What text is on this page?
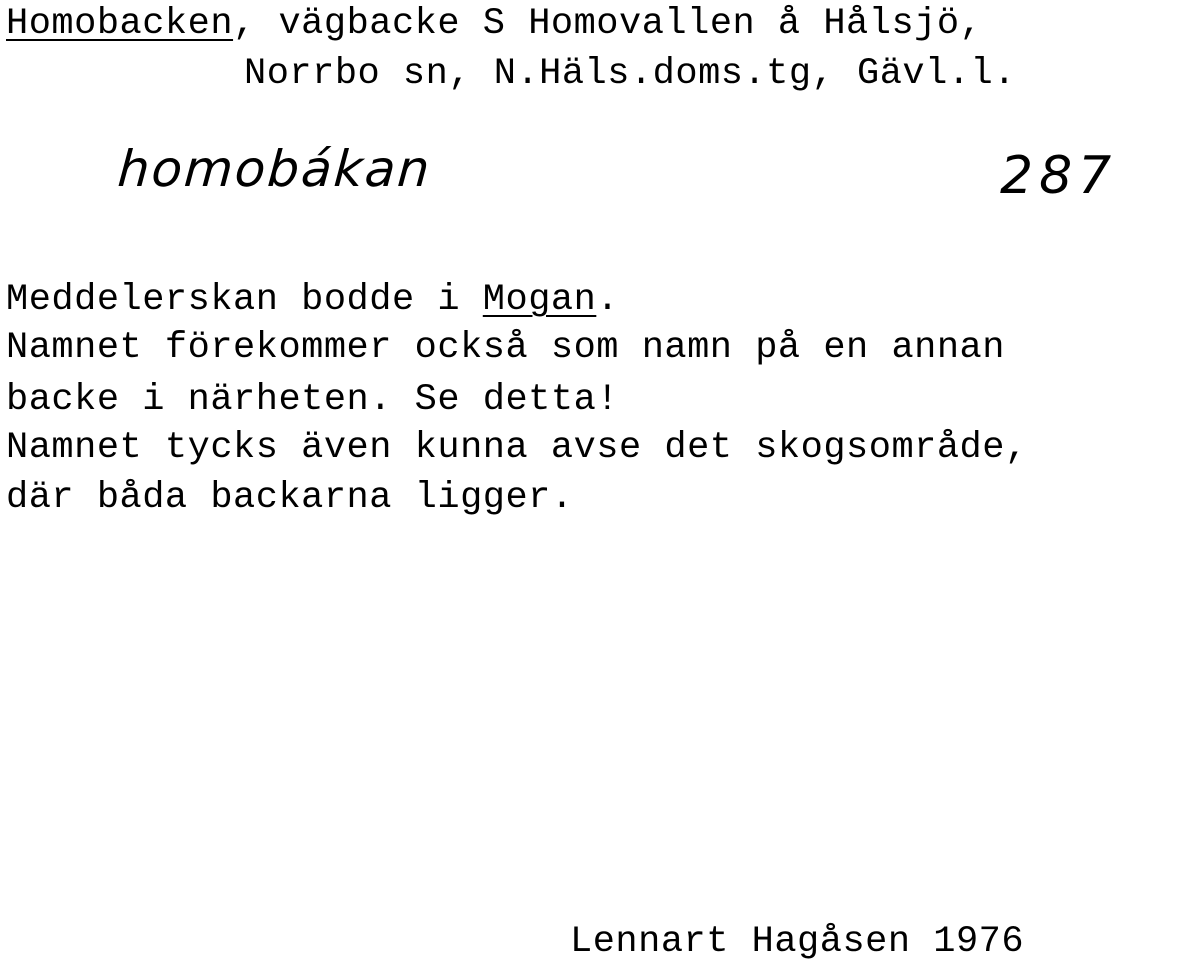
Homobacken, vägbacke S Homovallen å Hålsjö,
Norrbo sn, N.Häls.doms.tg, Gävl.l.
homobákan	287
Meddelerskan bodde i Mogan.
Namnet förekommer också som namn på en annan
backe i närheten. Se detta!
Namnet tycks även kunna avse det skogsområde,
där båda backarna ligger.
Lennart Hagåsen 1976
